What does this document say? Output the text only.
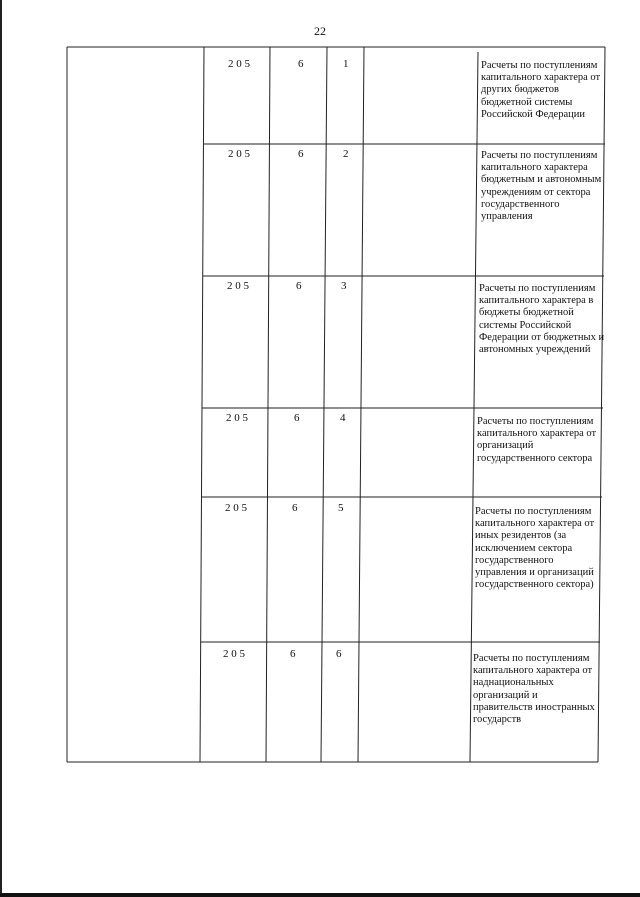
22
2 0 5	6	1	Расчеты по поступлениям капитального характера от других бюджетов бюджетной системы Российской Федерации
2 0 5	6	2	Расчеты по поступлениям капитального характера бюджетным и автономным учреждениям от сектора государственного управления
2 0 5	6	3	Расчеты по поступлениям капитального характера в бюджеты бюджетной системы Российской Федерации от бюджетных и автономных учреждений
2 0 5	6	4	Расчеты по поступлениям капитального характера от организаций государственного сектора
2 0 5	6	5	Расчеты по поступлениям капитального характера от иных резидентов (за исключением сектора государственного управления и организаций государственного сектора)
2 0 5	6	6	Расчеты по поступлениям капитального характера от наднациональных организаций и правительств иностранных государств
